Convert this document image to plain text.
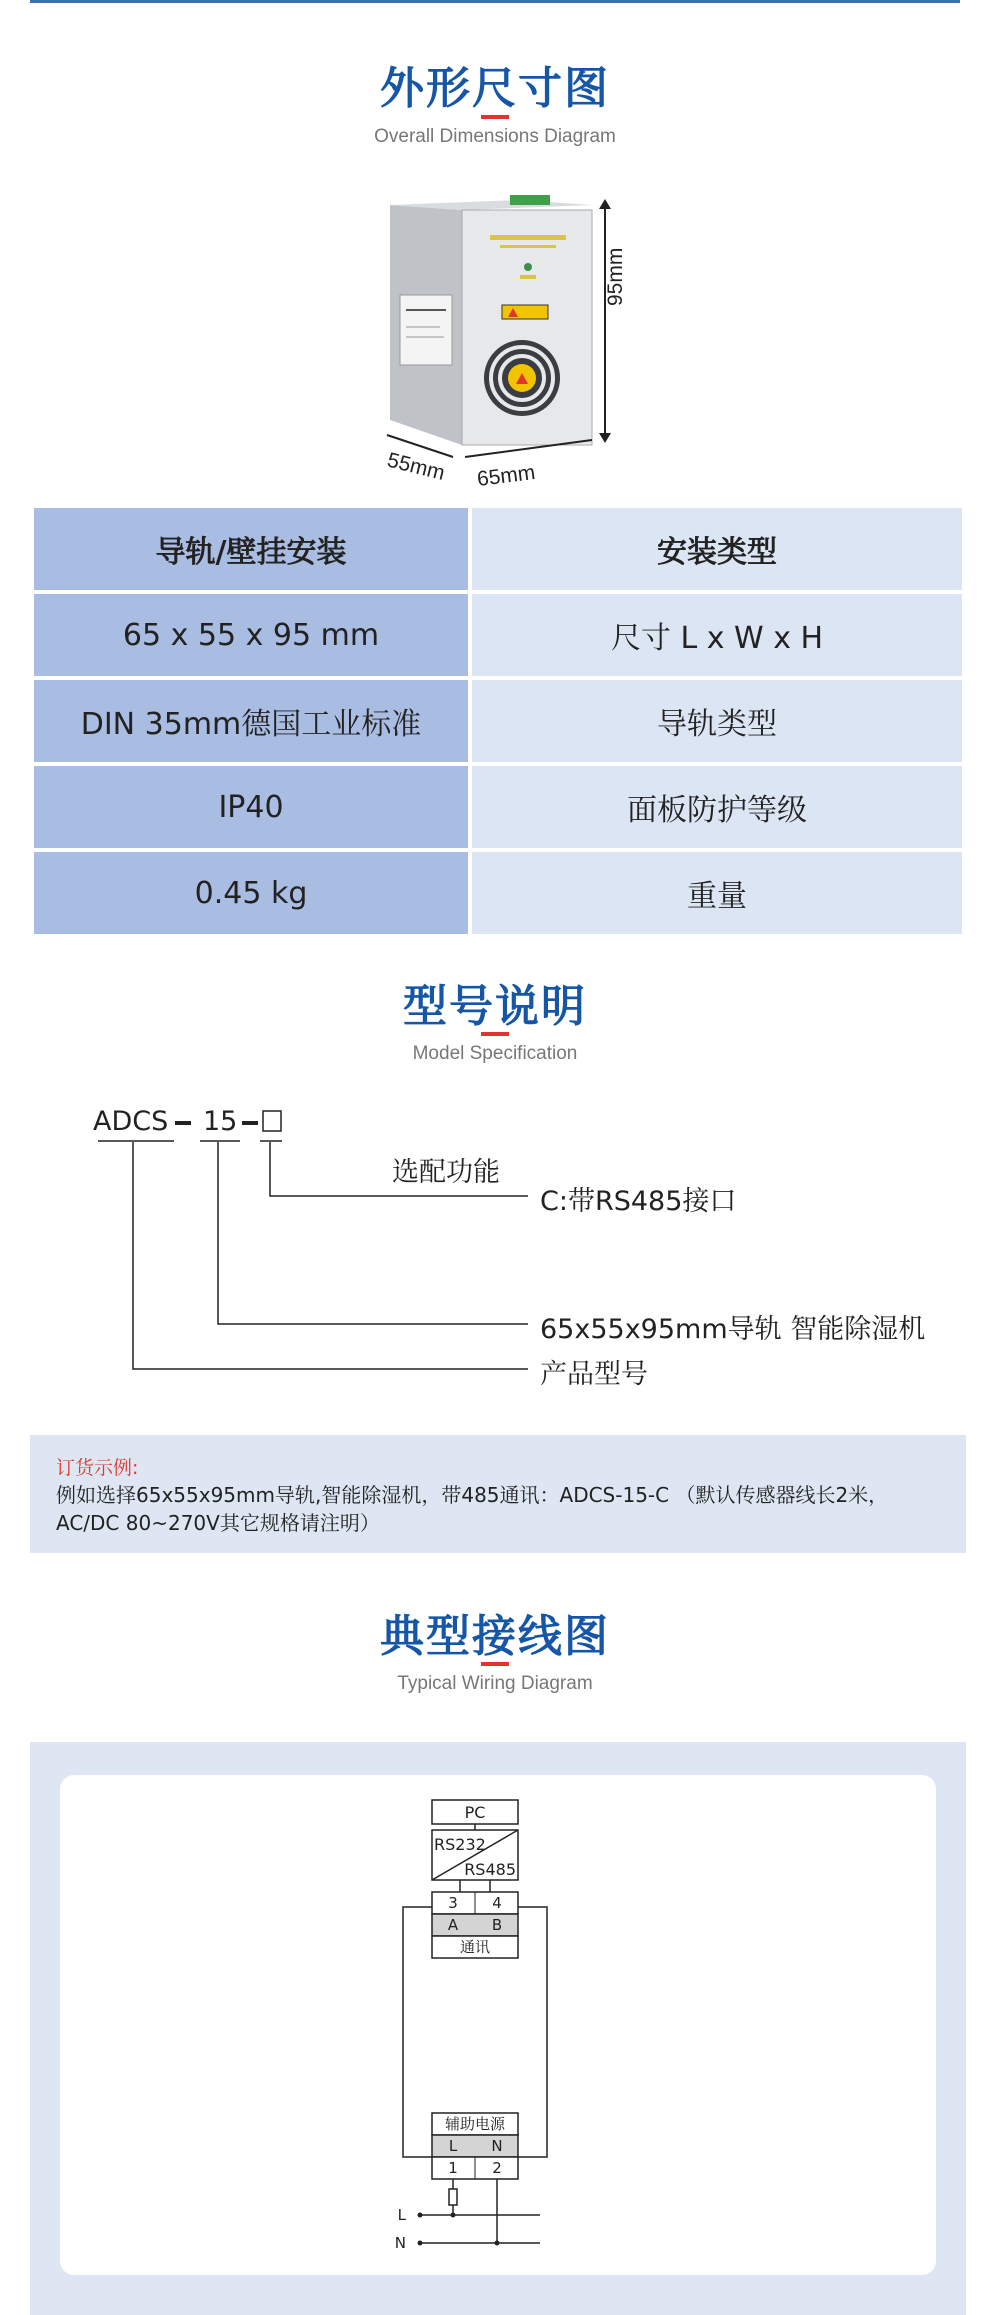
外形尺寸图
Overall Dimensions Diagram
95mm
55mm 65mm
导轨/壁挂安装	安装类型
65 x 55 x 95 mm	尺寸 L x W x H
DIN 35mm德国工业标准	导轨类型
IP40	面板防护等级
0.45 kg	重量
型号说明
Model Specification
ADCS 15
选配功能
C:带RS485接口
65x55x95mm导轨 智能除湿机
产品型号
订货示例:
例如选择65x55x95mm导轨,智能除湿机，带485通讯：ADCS-15-C （默认传感器线长2米，AC/DC 80~270V其它规格请注明）
典型接线图
Typical Wiring Diagram
PC
RS232
RS485
3 4
A B
通讯
辅助电源
L N
1 2
L
N
